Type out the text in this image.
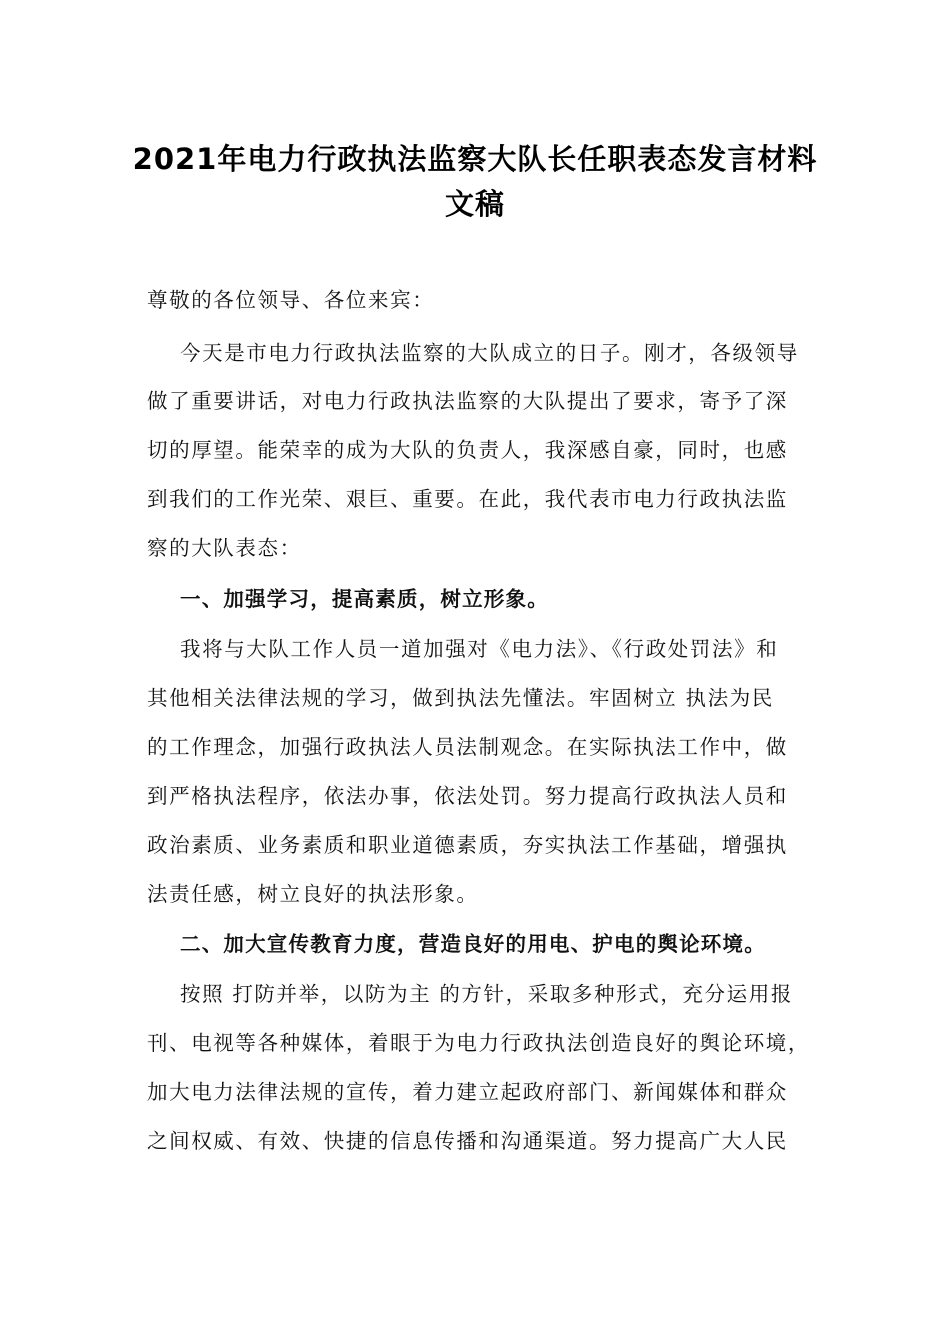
2021年电力行政执法监察大队长任职表态发言材料
文稿
尊敬的各位领导、各位来宾：
今天是市电力行政执法监察的大队成立的日子。刚才，各级领导
做了重要讲话，对电力行政执法监察的大队提出了要求，寄予了深
切的厚望。能荣幸的成为大队的负责人，我深感自豪，同时，也感
到我们的工作光荣、艰巨、重要。在此，我代表市电力行政执法监
察的大队表态：
一、加强学习，提高素质，树立形象。
我将与大队工作人员一道加强对《电力法》、《行政处罚法》和
其他相关法律法规的学习，做到执法先懂法。牢固树立 执法为民
的工作理念，加强行政执法人员法制观念。在实际执法工作中，做
到严格执法程序，依法办事，依法处罚。努力提高行政执法人员和
政治素质、业务素质和职业道德素质，夯实执法工作基础，增强执
法责任感，树立良好的执法形象。
二、加大宣传教育力度，营造良好的用电、护电的舆论环境。
按照 打防并举，以防为主 的方针，采取多种形式，充分运用报
刊、电视等各种媒体，着眼于为电力行政执法创造良好的舆论环境，
加大电力法律法规的宣传，着力建立起政府部门、新闻媒体和群众
之间权威、有效、快捷的信息传播和沟通渠道。努力提高广大人民
